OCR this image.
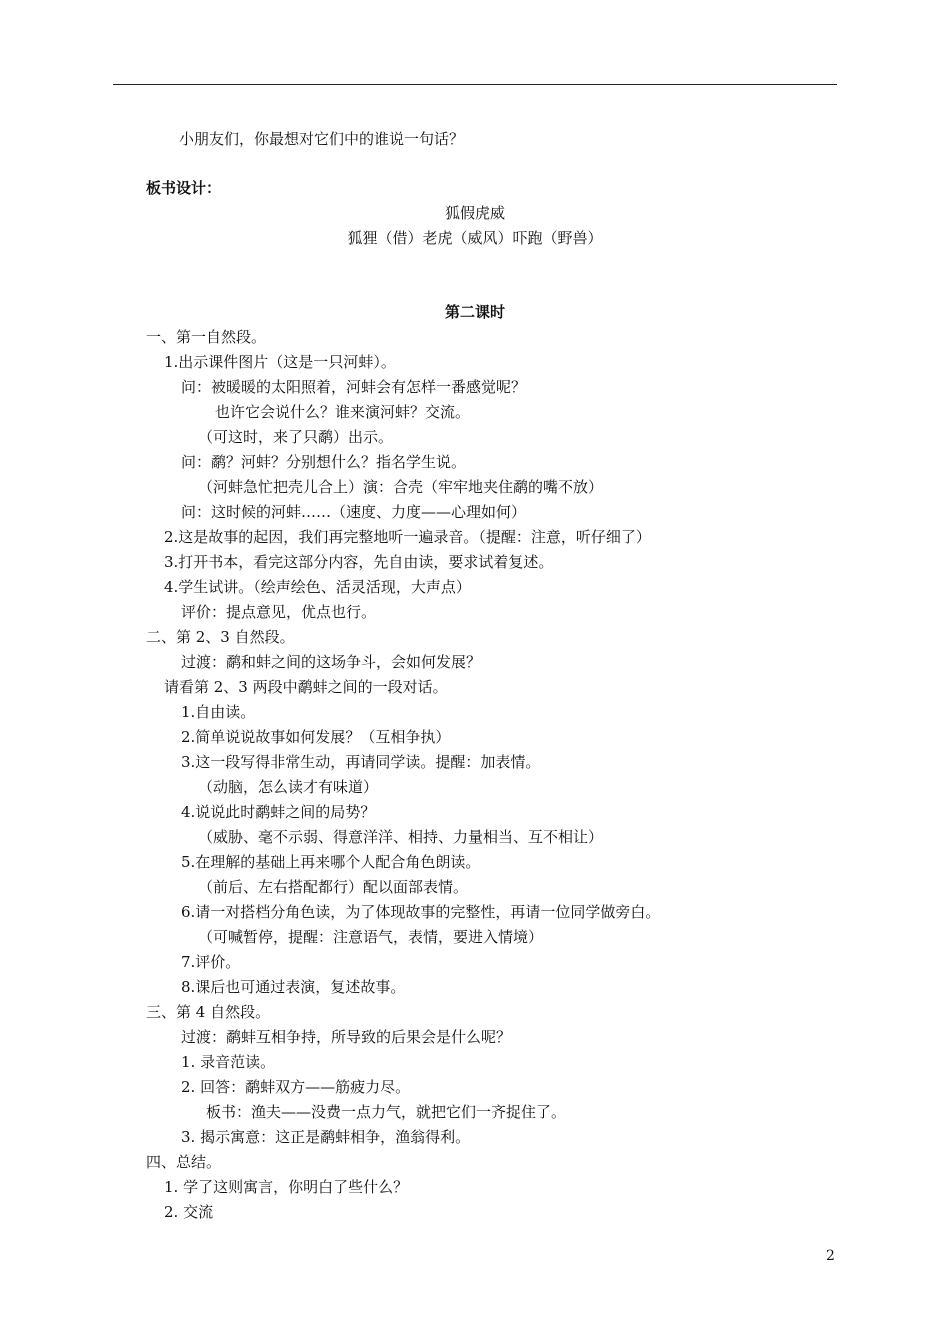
小朋友们，你最想对它们中的谁说一句话？
板书设计：
狐假虎威
狐狸（借）老虎（威风）吓跑（野兽）
第二课时
一、第一自然段。
1.出示课件图片（这是一只河蚌）。
问：被暖暖的太阳照着，河蚌会有怎样一番感觉呢？
也许它会说什么？谁来演河蚌？交流。
（可这时，来了只鹬）出示。
问：鹬？河蚌？分别想什么？指名学生说。
（河蚌急忙把壳儿合上）演：合壳（牢牢地夹住鹬的嘴不放）
问：这时候的河蚌……（速度、力度——心理如何）
2.这是故事的起因，我们再完整地听一遍录音。（提醒：注意，听仔细了）
3.打开书本，看完这部分内容，先自由读，要求试着复述。
4.学生试讲。（绘声绘色、活灵活现，大声点）
评价：提点意见，优点也行。
二、第 2、3 自然段。
过渡：鹬和蚌之间的这场争斗，会如何发展？
请看第 2、3 两段中鹬蚌之间的一段对话。
1.自由读。
2.简单说说故事如何发展？（互相争执）
3.这一段写得非常生动，再请同学读。提醒：加表情。
（动脑，怎么读才有味道）
4.说说此时鹬蚌之间的局势？
（威胁、毫不示弱、得意洋洋、相持、力量相当、互不相让）
5.在理解的基础上再来哪个人配合角色朗读。
（前后、左右搭配都行）配以面部表情。
6.请一对搭档分角色读，为了体现故事的完整性，再请一位同学做旁白。
（可喊暂停，提醒：注意语气，表情，要进入情境）
7.评价。
8.课后也可通过表演，复述故事。
三、第 4 自然段。
过渡：鹬蚌互相争持，所导致的后果会是什么呢？
1. 录音范读。
2. 回答：鹬蚌双方——筋疲力尽。
板书：渔夫——没费一点力气，就把它们一齐捉住了。
3. 揭示寓意：这正是鹬蚌相争，渔翁得利。
四、总结。
1. 学了这则寓言，你明白了些什么？
2. 交流
2
